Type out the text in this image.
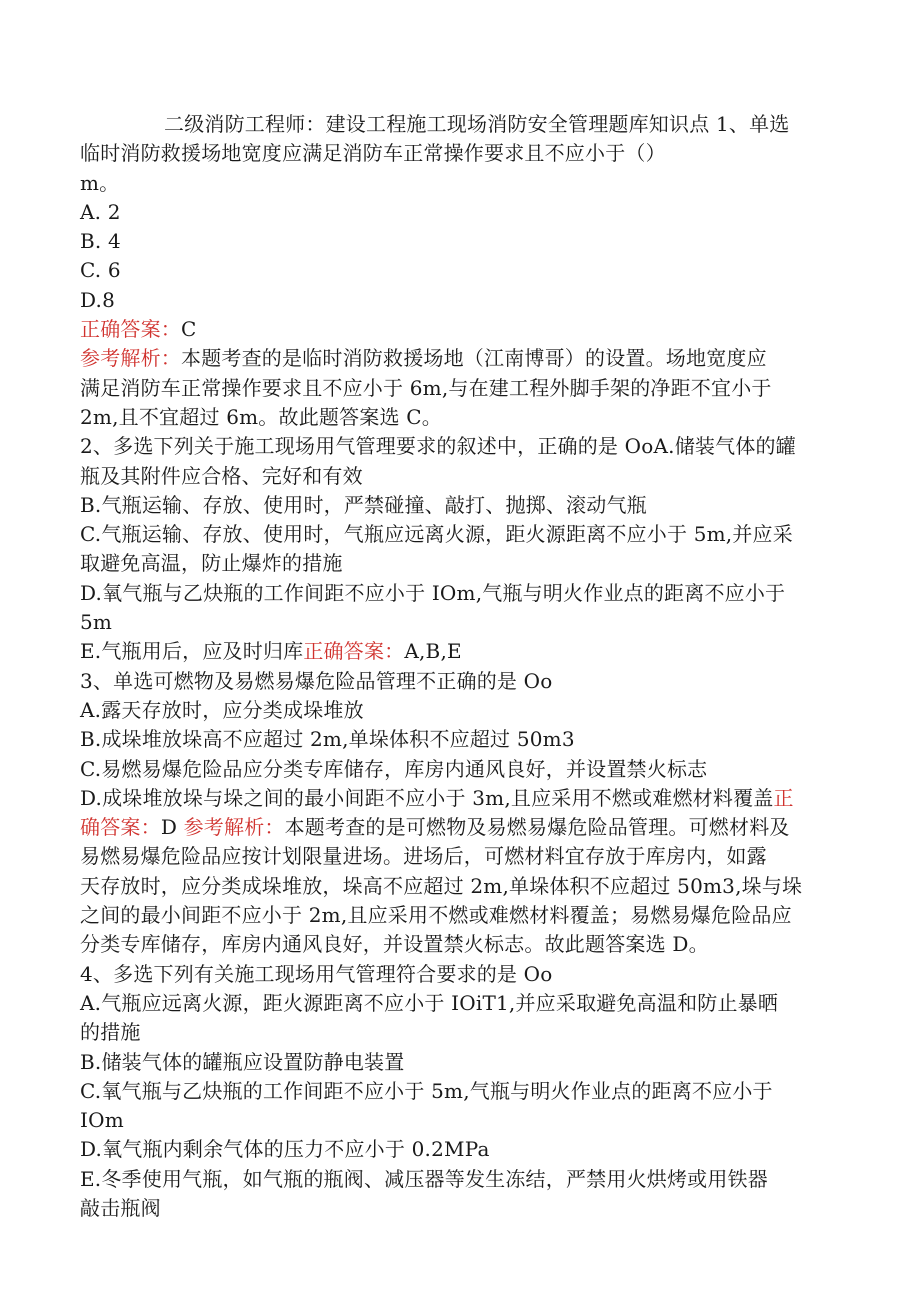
二级消防工程师：建设工程施工现场消防安全管理题库知识点 1、单选

临时消防救援场地宽度应满足消防车正常操作要求且不应小于（）

m。

A. 2

B. 4

C. 6

D.8

正确答案：C

参考解析：本题考查的是临时消防救援场地（江南博哥）的设置。场地宽度应

满足消防车正常操作要求且不应小于 6m,与在建工程外脚手架的净距不宜小于

2m,且不宜超过 6m。故此题答案选 C。

2、多选下列关于施工现场用气管理要求的叙述中，正确的是 OoA.储装气体的罐

瓶及其附件应合格、完好和有效

B.气瓶运输、存放、使用时，严禁碰撞、敲打、抛掷、滚动气瓶

C.气瓶运输、存放、使用时，气瓶应远离火源，距火源距离不应小于 5m,并应采

取避免高温，防止爆炸的措施

D.氧气瓶与乙炔瓶的工作间距不应小于 IOm,气瓶与明火作业点的距离不应小于

5m

E.气瓶用后，应及时归库正确答案：A,B,E

3、单选可燃物及易燃易爆危险品管理不正确的是 Oo

A.露天存放时，应分类成垛堆放

B.成垛堆放垛高不应超过 2m,单垛体积不应超过 50m3

C.易燃易爆危险品应分类专库储存，库房内通风良好，并设置禁火标志

D.成垛堆放垛与垛之间的最小间距不应小于 3m,且应采用不燃或难燃材料覆盖正

确答案：D 参考解析：本题考查的是可燃物及易燃易爆危险品管理。可燃材料及

易燃易爆危险品应按计划限量进场。进场后，可燃材料宜存放于库房内，如露

天存放时，应分类成垛堆放，垛高不应超过 2m,单垛体积不应超过 50m3,垛与垛

之间的最小间距不应小于 2m,且应采用不燃或难燃材料覆盖；易燃易爆危险品应

分类专库储存，库房内通风良好，并设置禁火标志。故此题答案选 D。

4、多选下列有关施工现场用气管理符合要求的是 Oo

A.气瓶应远离火源，距火源距离不应小于 IOiT1,并应采取避免高温和防止暴晒

的措施

B.储装气体的罐瓶应设置防静电装置

C.氧气瓶与乙炔瓶的工作间距不应小于 5m,气瓶与明火作业点的距离不应小于

IOm

D.氧气瓶内剩余气体的压力不应小于 0.2MPa

E.冬季使用气瓶，如气瓶的瓶阀、减压器等发生冻结，严禁用火烘烤或用铁器

敲击瓶阀
